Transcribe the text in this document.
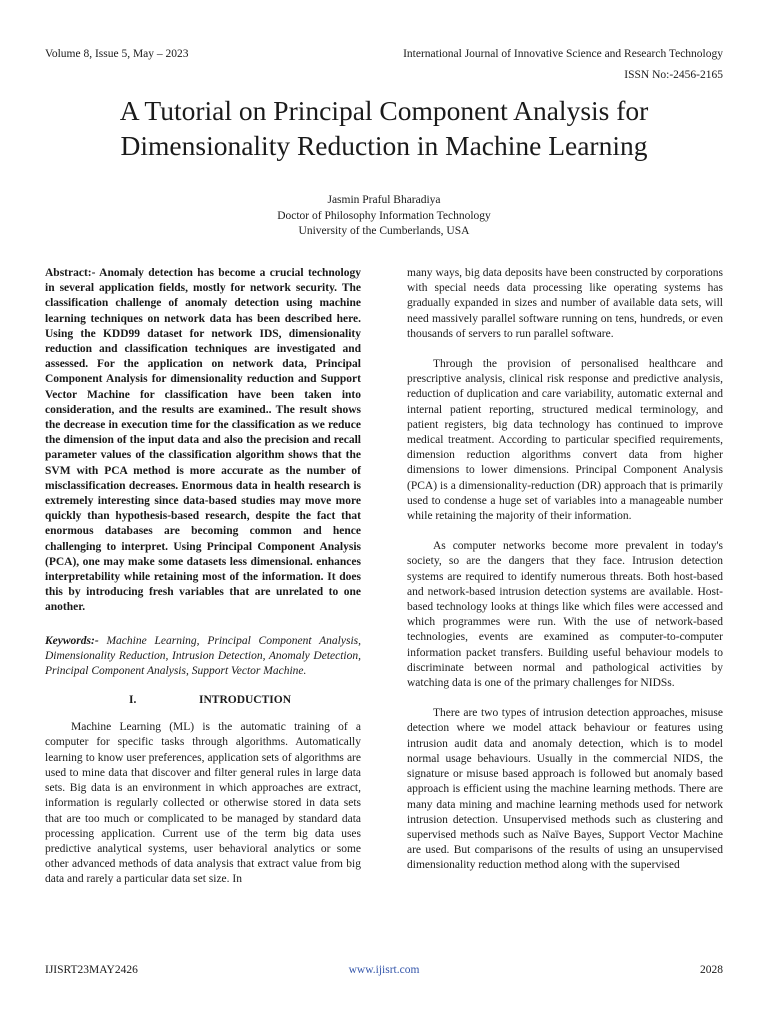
Volume 8, Issue 5, May – 2023	International Journal of Innovative Science and Research Technology
ISSN No:-2456-2165
A Tutorial on Principal Component Analysis for Dimensionality Reduction in Machine Learning
Jasmin Praful Bharadiya
Doctor of Philosophy Information Technology
University of the Cumberlands, USA

Abstract:- Anomaly detection has become a crucial technology in several application fields, mostly for network security. The classification challenge of anomaly detection using machine learning techniques on network data has been described here. Using the KDD99 dataset for network IDS, dimensionality reduction and classification techniques are investigated and assessed. For the application on network data, Principal Component Analysis for dimensionality reduction and Support Vector Machine for classification have been taken into consideration, and the results are examined.. The result shows the decrease in execution time for the classification as we reduce the dimension of the input data and also the precision and recall parameter values of the classification algorithm shows that the SVM with PCA method is more accurate as the number of misclassification decreases. Enormous data in health research is extremely interesting since data-based studies may move more quickly than hypothesis-based research, despite the fact that enormous databases are becoming common and hence challenging to interpret. Using Principal Component Analysis (PCA), one may make some datasets less dimensional. enhances interpretability while retaining most of the information. It does this by introducing fresh variables that are unrelated to one another.

Keywords:- Machine Learning, Principal Component Analysis, Dimensionality Reduction, Intrusion Detection, Anomaly Detection, Principal Component Analysis, Support Vector Machine.

I.	INTRODUCTION

Machine Learning (ML) is the automatic training of a computer for specific tasks through algorithms. Automatically learning to know user preferences, application sets of algorithms are used to mine data that discover and filter general rules in large data sets. Big data is an environment in which approaches are extract, information is regularly collected or otherwise stored in data sets that are too much or complicated to be managed by standard data processing application. Current use of the term big data uses predictive analytical systems, user behavioral analytics or some other advanced methods of data analysis that extract value from big data and rarely a particular data set size. In

many ways, big data deposits have been constructed by corporations with special needs data processing like operating systems has gradually expanded in sizes and number of available data sets, will need massively parallel software running on tens, hundreds, or even thousands of servers to run parallel software.

Through the provision of personalised healthcare and prescriptive analysis, clinical risk response and predictive analysis, reduction of duplication and care variability, automatic external and internal patient reporting, structured medical terminology, and patient registers, big data technology has continued to improve medical treatment. According to particular specified requirements, dimension reduction algorithms convert data from higher dimensions to lower dimensions. Principal Component Analysis (PCA) is a dimensionality-reduction (DR) approach that is primarily used to condense a huge set of variables into a manageable number while retaining the majority of their information.

As computer networks become more prevalent in today's society, so are the dangers that they face. Intrusion detection systems are required to identify numerous threats. Both host-based and network-based intrusion detection systems are available. Host-based technology looks at things like which files were accessed and which programmes were run. With the use of network-based technologies, events are examined as computer-to-computer information packet transfers. Building useful behaviour models to discriminate between normal and pathological activities by watching data is one of the primary challenges for NIDSs.

There are two types of intrusion detection approaches, misuse detection where we model attack behaviour or features using intrusion audit data and anomaly detection, which is to model normal usage behaviours. Usually in the commercial NIDS, the signature or misuse based approach is followed but anomaly based approach is efficient using the machine learning methods. There are many data mining and machine learning methods used for network intrusion detection. Unsupervised methods such as clustering and supervised methods such as Naïve Bayes, Support Vector Machine are used. But comparisons of the results of using an unsupervised dimensionality reduction method along with the supervised

IJISRT23MAY2426	www.ijisrt.com	2028
